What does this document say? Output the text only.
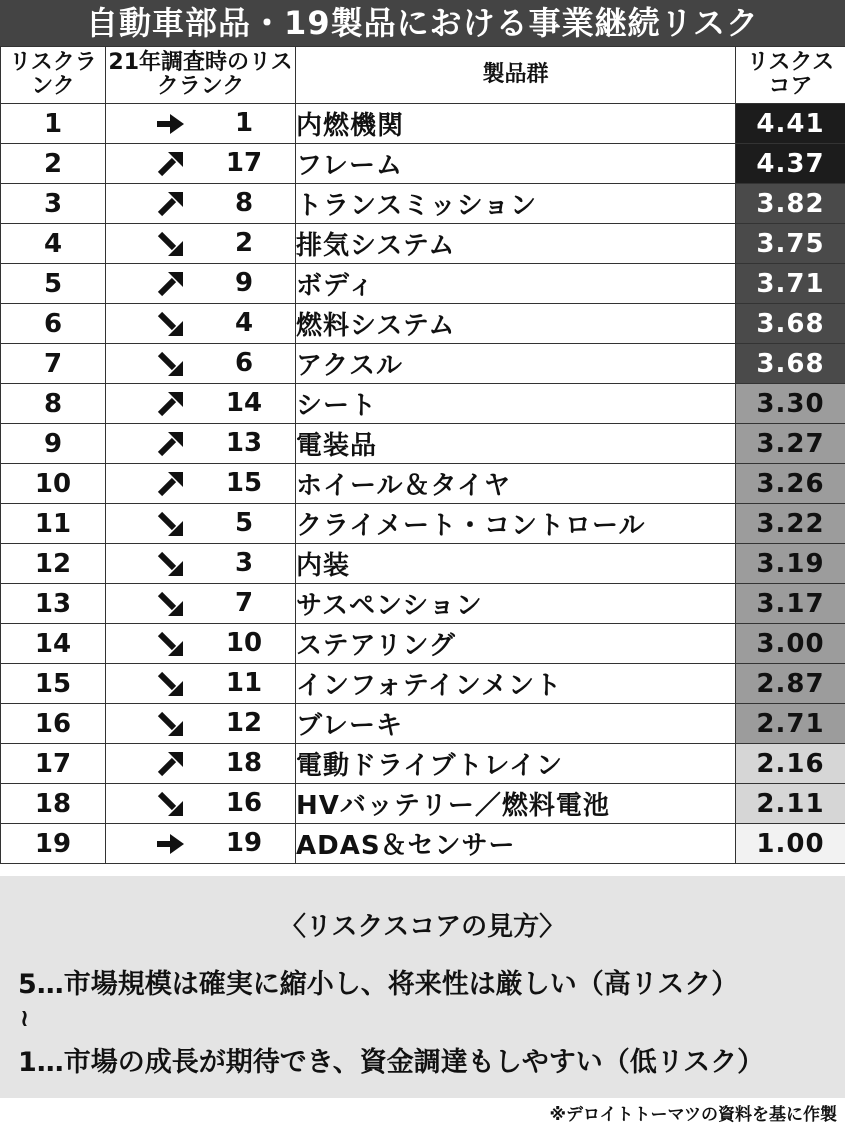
自動車部品・19製品における事業継続リスク
リスクランク	21年調査時のリスクランク	製品群	リスクスコア

1	1	内燃機関	4.41
2	17	フレーム	4.37
3	8	トランスミッション	3.82
4	2	排気システム	3.75
5	9	ボディ	3.71
6	4	燃料システム	3.68
7	6	アクスル	3.68
8	14	シート	3.30
9	13	電装品	3.27
10	15	ホイール＆タイヤ	3.26
11	5	クライメート・コントロール	3.22
12	3	内装	3.19
13	7	サスペンション	3.17
14	10	ステアリング	3.00
15	11	インフォテインメント	2.87
16	12	ブレーキ	2.71
17	18	電動ドライブトレイン	2.16
18	16	HVバッテリー／燃料電池	2.11
19	19	ADAS＆センサー	1.00
〈リスクスコアの見方〉
5…市場規模は確実に縮小し、将来性は厳しい（高リスク）
≀
1…市場の成長が期待でき、資金調達もしやすい（低リスク）
※デロイトトーマツの資料を基に作製
